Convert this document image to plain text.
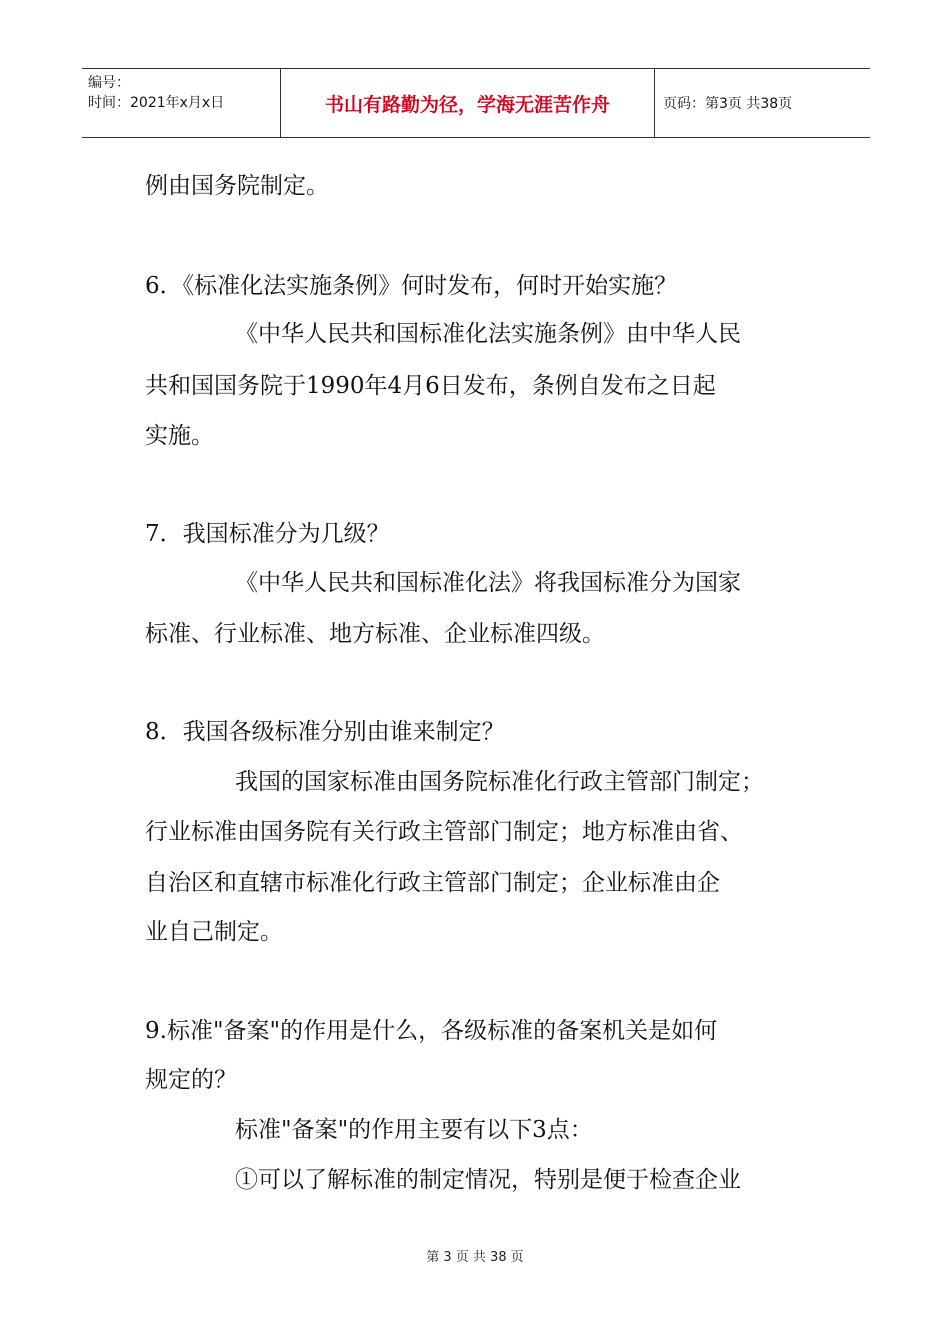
编号：
时间：2021年x月x日	书山有路勤为径，学海无涯苦作舟	页码：第3页 共38页
例由国务院制定。
6．《标准化法实施条例》何时发布，何时开始实施？
《中华人民共和国标准化法实施条例》由中华人民
共和国国务院于1990年4月6日发布，条例自发布之日起
实施。
7．我国标准分为几级？
《中华人民共和国标准化法》将我国标准分为国家
标准、行业标准、地方标准、企业标准四级。
8．我国各级标准分别由谁来制定？
我国的国家标准由国务院标准化行政主管部门制定；
行业标准由国务院有关行政主管部门制定；地方标准由省、
自治区和直辖市标准化行政主管部门制定；企业标准由企
业自己制定。
9.标准"备案"的作用是什么，各级标准的备案机关是如何
规定的？
标准"备案"的作用主要有以下3点：
①可以了解标准的制定情况，特别是便于检查企业
第 3 页 共 38 页
